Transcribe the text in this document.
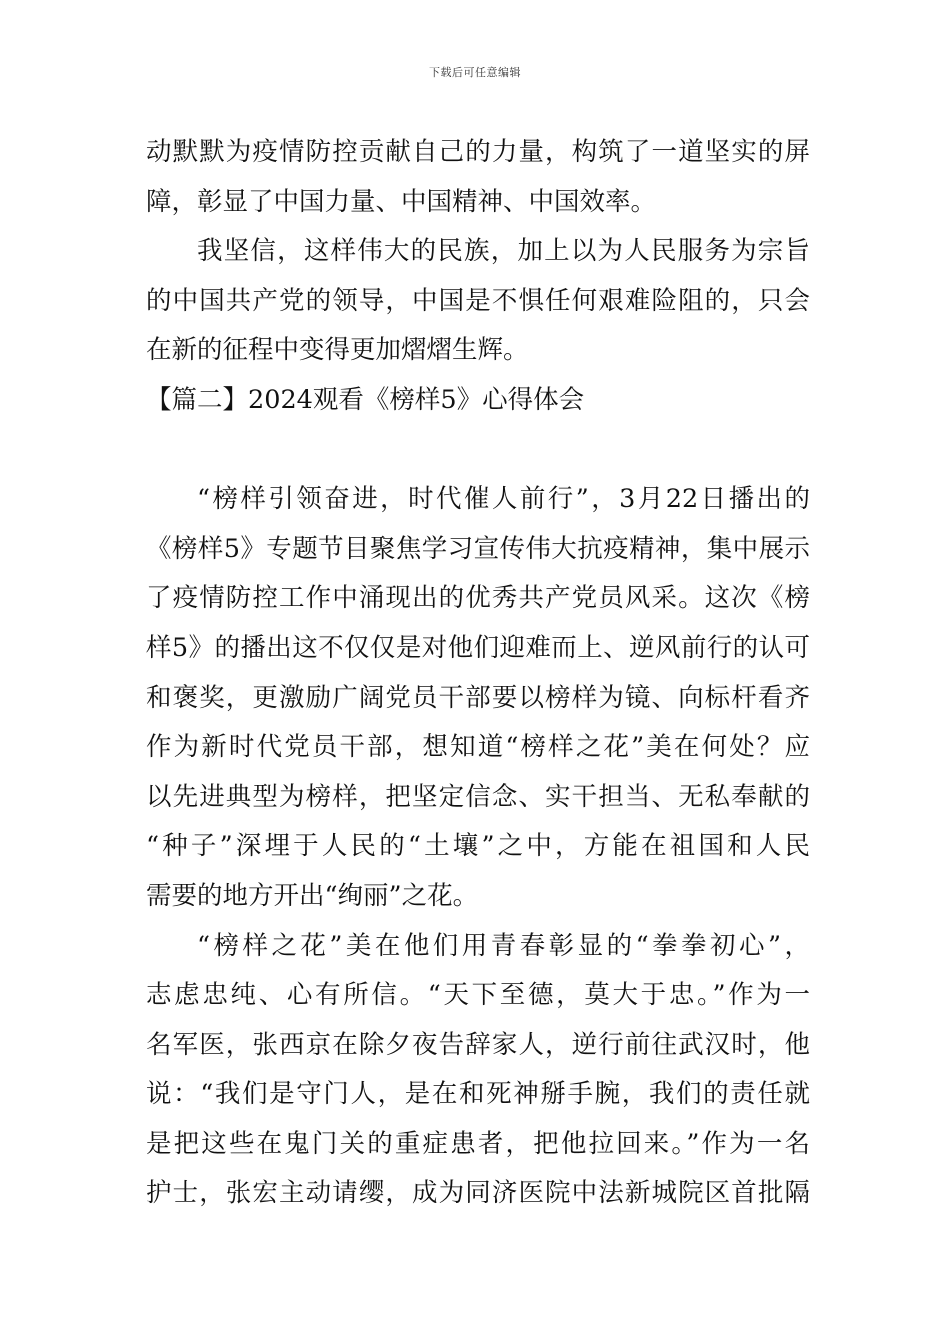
下载后可任意编辑
动默默为疫情防控贡献自己的力量，构筑了一道坚实的屏
障，彰显了中国力量、中国精神、中国效率。
我坚信，这样伟大的民族，加上以为人民服务为宗旨
的中国共产党的领导，中国是不惧任何艰难险阻的，只会
在新的征程中变得更加熠熠生辉。
【篇二】2024观看《榜样5》心得体会
“榜样引领奋进，时代催人前行”，3月22日播出的
《榜样5》专题节目聚焦学习宣传伟大抗疫精神，集中展示
了疫情防控工作中涌现出的优秀共产党员风采。这次《榜
样5》的播出这不仅仅是对他们迎难而上、逆风前行的认可
和褒奖，更激励广阔党员干部要以榜样为镜、向标杆看齐
作为新时代党员干部，想知道“榜样之花”美在何处？应
以先进典型为榜样，把坚定信念、实干担当、无私奉献的
“种子”深埋于人民的“土壤”之中，方能在祖国和人民
需要的地方开出“绚丽”之花。
“榜样之花”美在他们用青春彰显的“拳拳初心”，
志虑忠纯、心有所信。“天下至德，莫大于忠。”作为一
名军医，张西京在除夕夜告辞家人，逆行前往武汉时，他
说：“我们是守门人，是在和死神掰手腕，我们的责任就
是把这些在鬼门关的重症患者，把他拉回来。”作为一名
护士，张宏主动请缨，成为同济医院中法新城院区首批隔
